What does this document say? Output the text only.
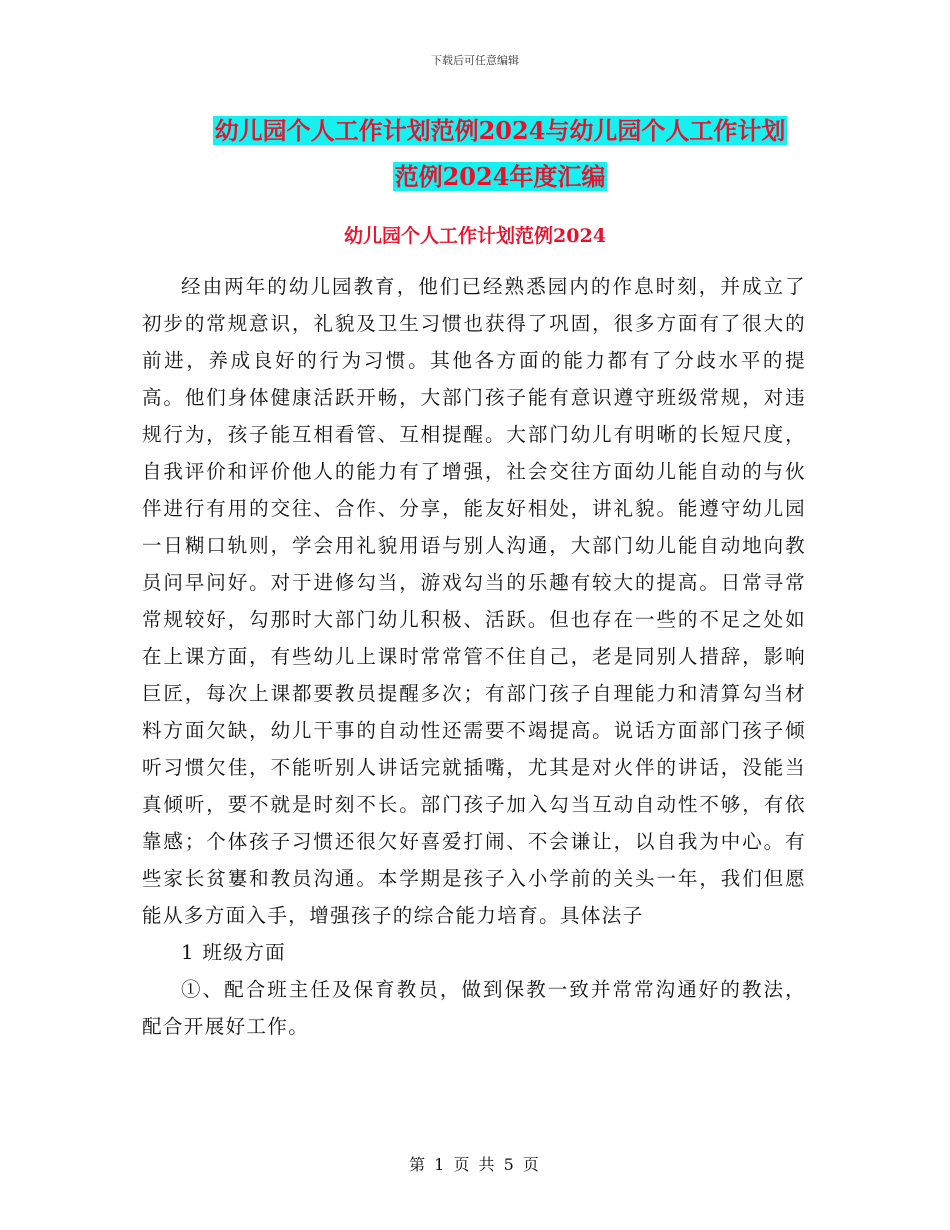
下载后可任意编辑
幼儿园个人工作计划范例2024与幼儿园个人工作计划
范例2024年度汇编
幼儿园个人工作计划范例2024

经由两年的幼儿园教育，他们已经熟悉园内的作息时刻，并成立了初步的常规意识，礼貌及卫生习惯也获得了巩固，很多方面有了很大的前进，养成良好的行为习惯。其他各方面的能力都有了分歧水平的提高。他们身体健康活跃开畅，大部门孩子能有意识遵守班级常规，对违规行为，孩子能互相看管、互相提醒。大部门幼儿有明晰的长短尺度，自我评价和评价他人的能力有了增强，社会交往方面幼儿能自动的与伙伴进行有用的交往、合作、分享，能友好相处，讲礼貌。能遵守幼儿园一日糊口轨则，学会用礼貌用语与别人沟通，大部门幼儿能自动地向教员问早问好。对于进修勾当，游戏勾当的乐趣有较大的提高。日常寻常常规较好，勾那时大部门幼儿积极、活跃。但也存在一些的不足之处如在上课方面，有些幼儿上课时常常管不住自己，老是同别人措辞，影响巨匠，每次上课都要教员提醒多次；有部门孩子自理能力和清算勾当材料方面欠缺，幼儿干事的自动性还需要不竭提高。说话方面部门孩子倾听习惯欠佳，不能听别人讲话完就插嘴，尤其是对火伴的讲话，没能当真倾听，要不就是时刻不长。部门孩子加入勾当互动自动性不够，有依靠感；个体孩子习惯还很欠好喜爱打闹、不会谦让，以自我为中心。有些家长贫寠和教员沟通。本学期是孩子入小学前的关头一年，我们但愿能从多方面入手，增强孩子的综合能力培育。具体法子

1 班级方面

①、配合班主任及保育教员，做到保教一致并常常沟通好的教法，配合开展好工作。

第 1 页 共 5 页
